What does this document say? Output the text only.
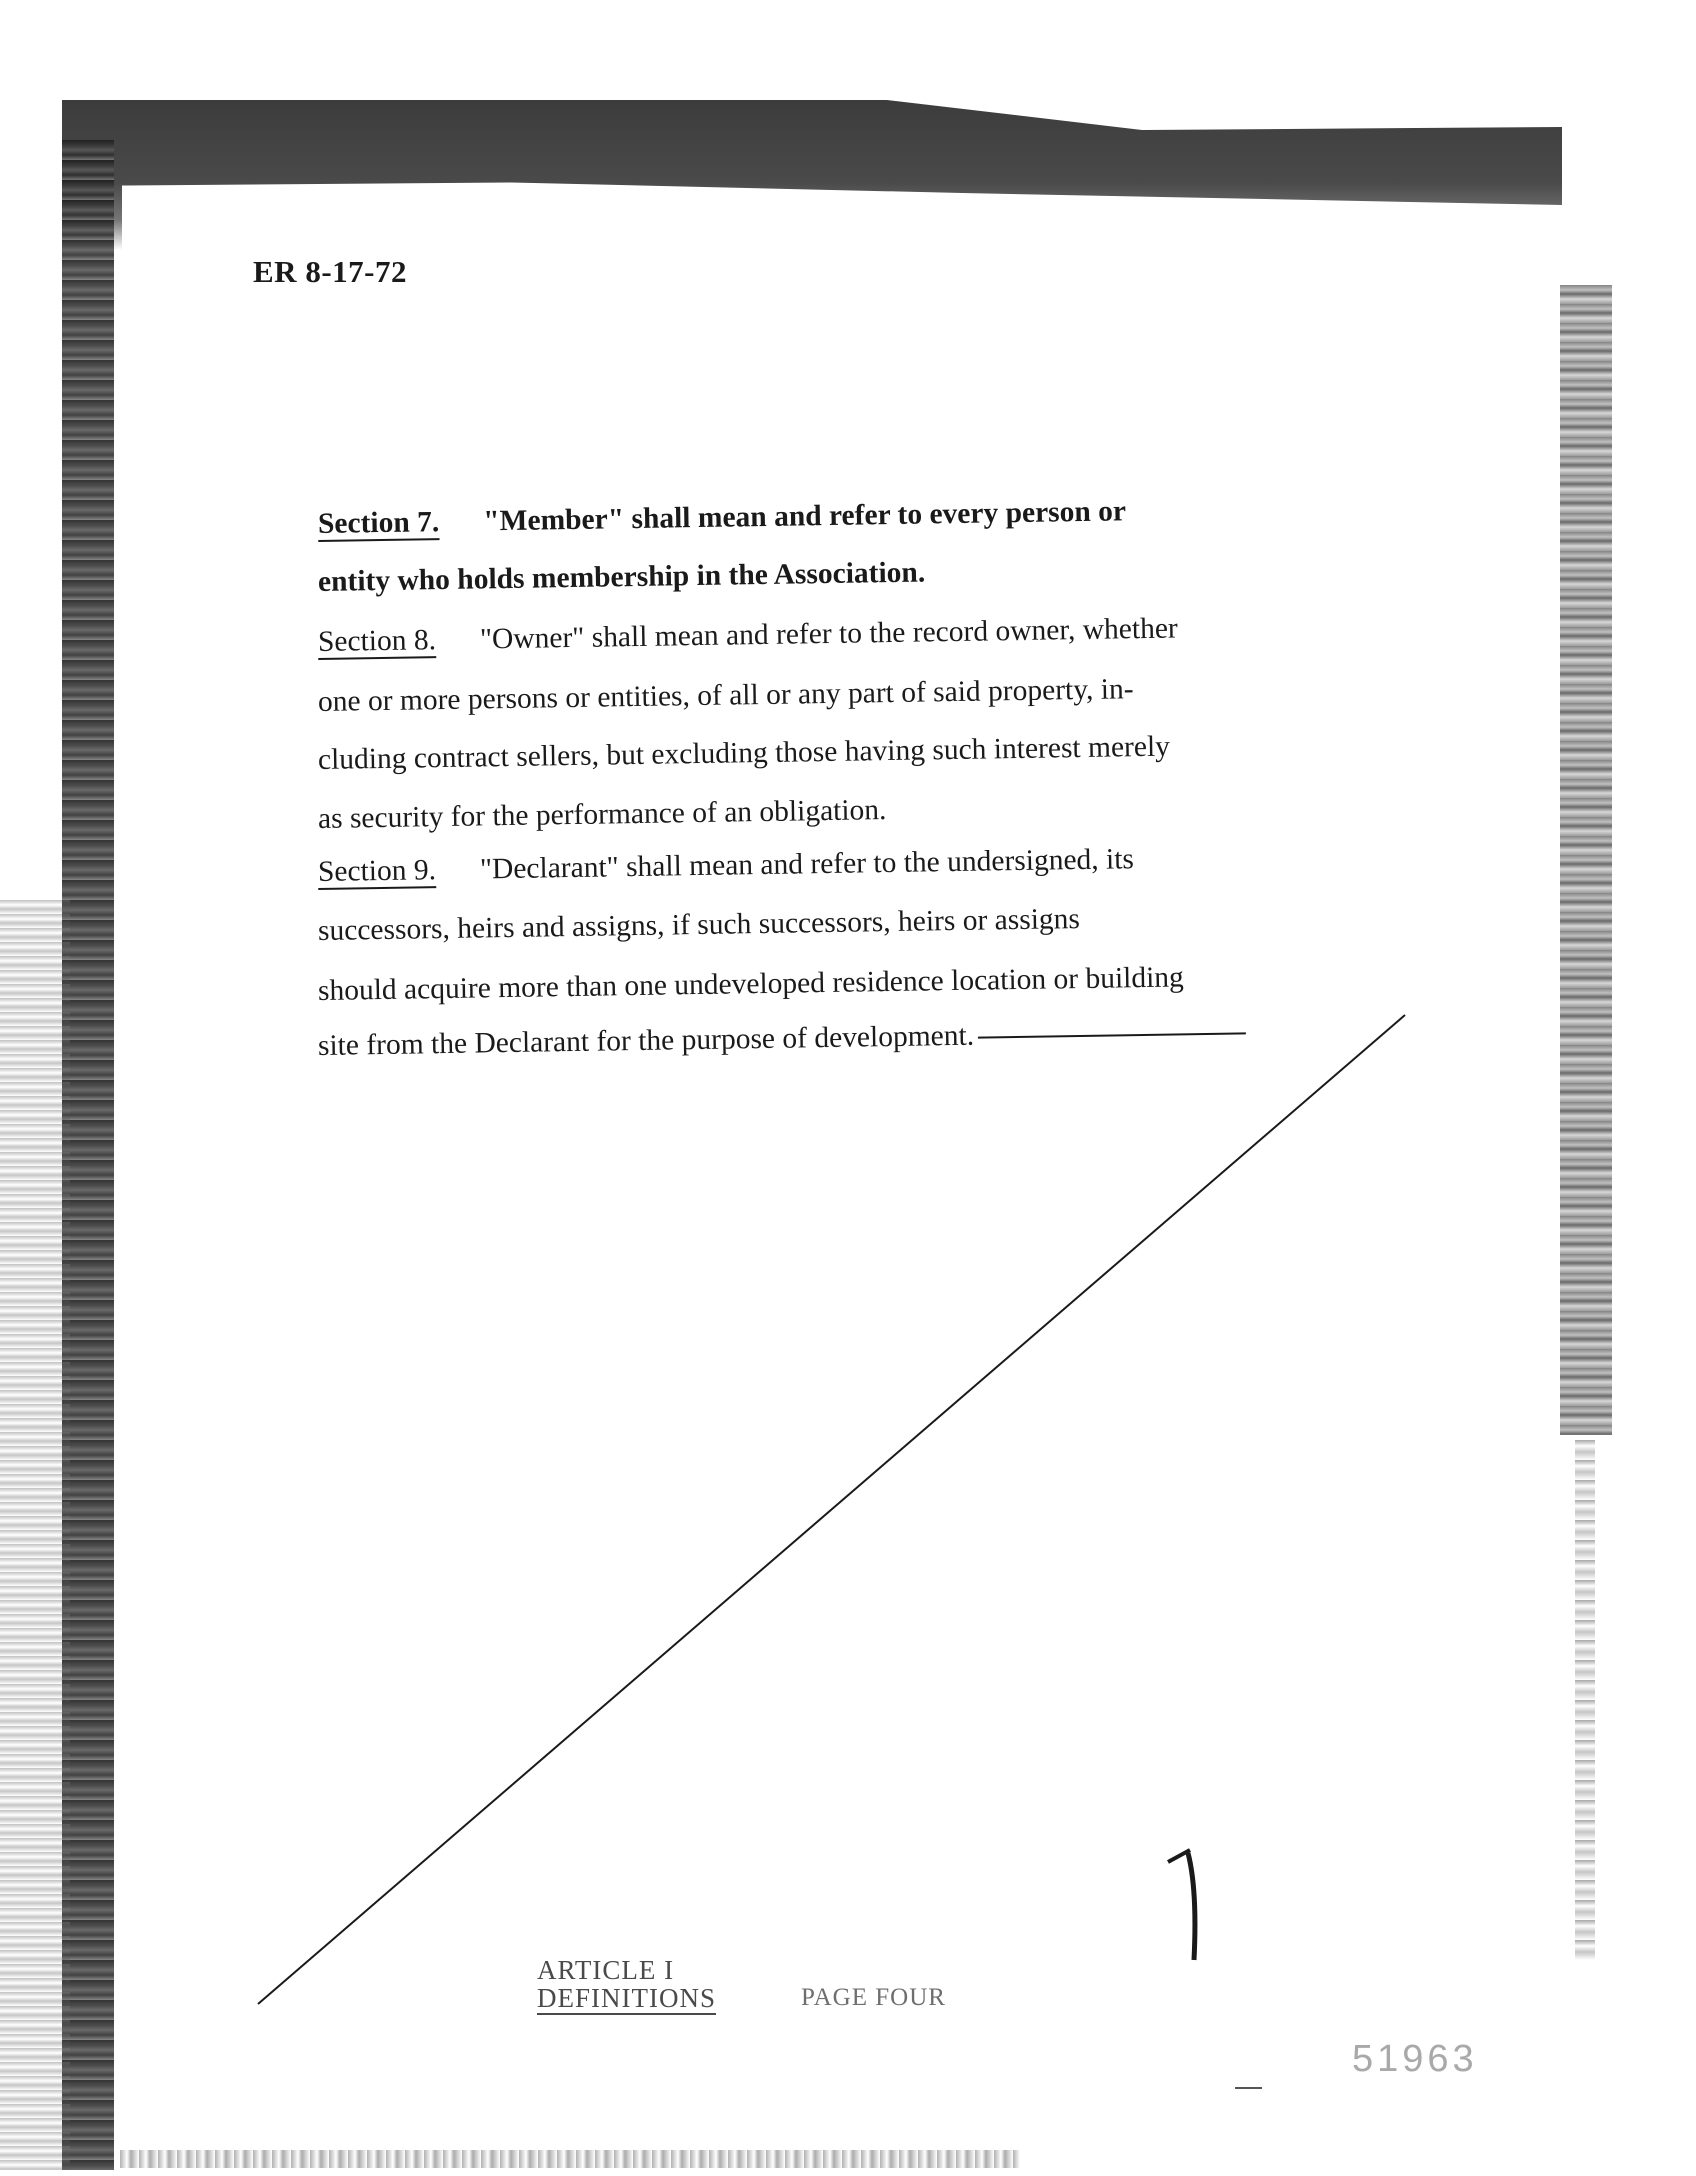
ER 8-17-72
Section 7. "Member" shall mean and refer to every person or
entity who holds membership in the Association.
Section 8. "Owner" shall mean and refer to the record owner, whether
one or more persons or entities, of all or any part of said property, in-
cluding contract sellers, but excluding those having such interest merely
as security for the performance of an obligation.
Section 9. "Declarant" shall mean and refer to the undersigned, its
successors, heirs and assigns, if such successors, heirs or assigns
should acquire more than one undeveloped residence location or building
site from the Declarant for the purpose of development.
ARTICLE I
DEFINITIONS	PAGE FOUR
51963
